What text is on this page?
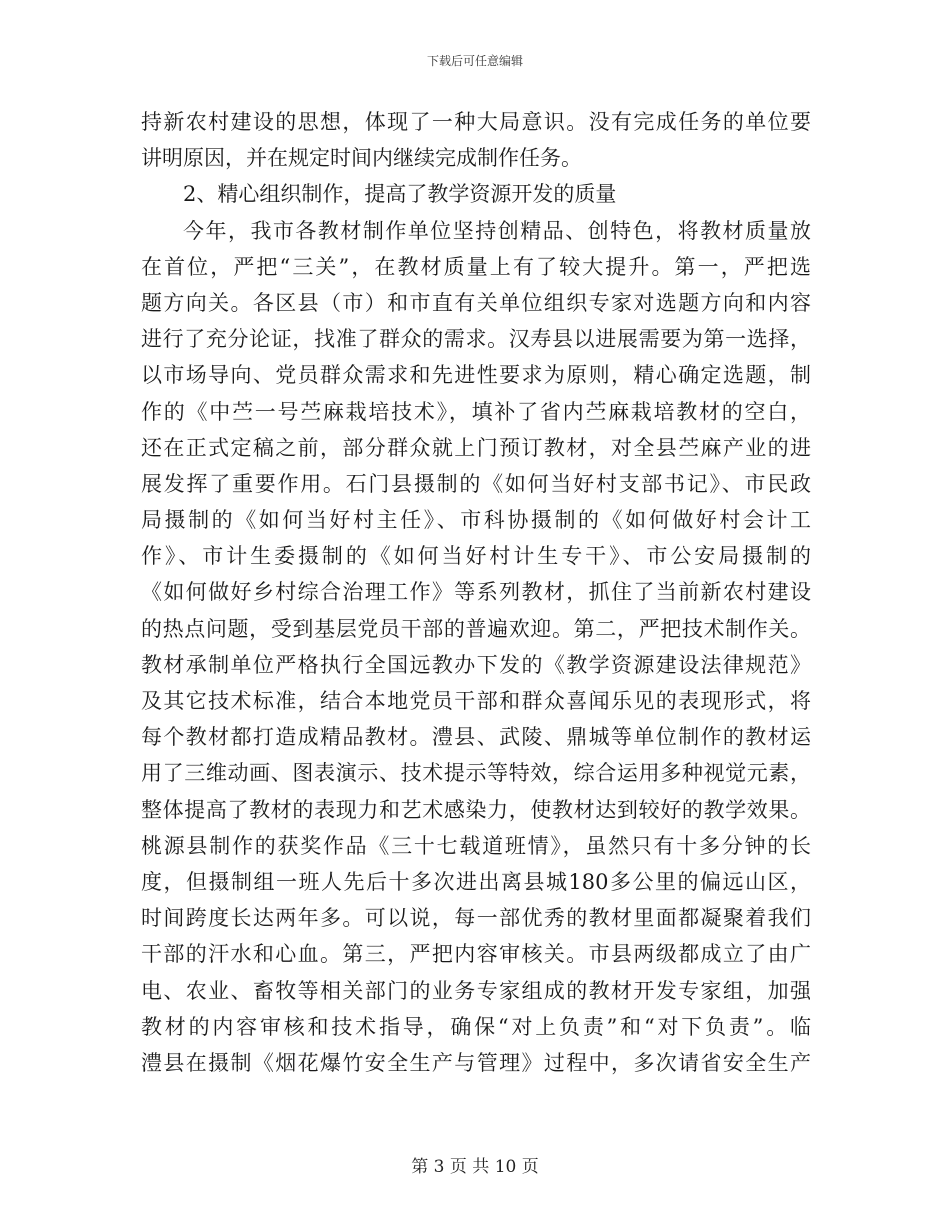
下载后可任意编辑
持新农村建设的思想，体现了一种大局意识。没有完成任务的单位要
讲明原因，并在规定时间内继续完成制作任务。
2、精心组织制作，提高了教学资源开发的质量
今年，我市各教材制作单位坚持创精品、创特色，将教材质量放
在首位，严把“三关”，在教材质量上有了较大提升。第一，严把选
题方向关。各区县（市）和市直有关单位组织专家对选题方向和内容
进行了充分论证，找准了群众的需求。汉寿县以进展需要为第一选择，
以市场导向、党员群众需求和先进性要求为原则，精心确定选题，制
作的《中苎一号苎麻栽培技术》，填补了省内苎麻栽培教材的空白，
还在正式定稿之前，部分群众就上门预订教材，对全县苎麻产业的进
展发挥了重要作用。石门县摄制的《如何当好村支部书记》、市民政
局摄制的《如何当好村主任》、市科协摄制的《如何做好村会计工
作》、市计生委摄制的《如何当好村计生专干》、市公安局摄制的
《如何做好乡村综合治理工作》等系列教材，抓住了当前新农村建设
的热点问题，受到基层党员干部的普遍欢迎。第二，严把技术制作关。
教材承制单位严格执行全国远教办下发的《教学资源建设法律规范》
及其它技术标准，结合本地党员干部和群众喜闻乐见的表现形式，将
每个教材都打造成精品教材。澧县、武陵、鼎城等单位制作的教材运
用了三维动画、图表演示、技术提示等特效，综合运用多种视觉元素，
整体提高了教材的表现力和艺术感染力，使教材达到较好的教学效果。
桃源县制作的获奖作品《三十七载道班情》，虽然只有十多分钟的长
度，但摄制组一班人先后十多次进出离县城180多公里的偏远山区，
时间跨度长达两年多。可以说，每一部优秀的教材里面都凝聚着我们
干部的汗水和心血。第三，严把内容审核关。市县两级都成立了由广
电、农业、畜牧等相关部门的业务专家组成的教材开发专家组，加强
教材的内容审核和技术指导，确保“对上负责”和“对下负责”。临
澧县在摄制《烟花爆竹安全生产与管理》过程中，多次请省安全生产
第 3 页 共 10 页
